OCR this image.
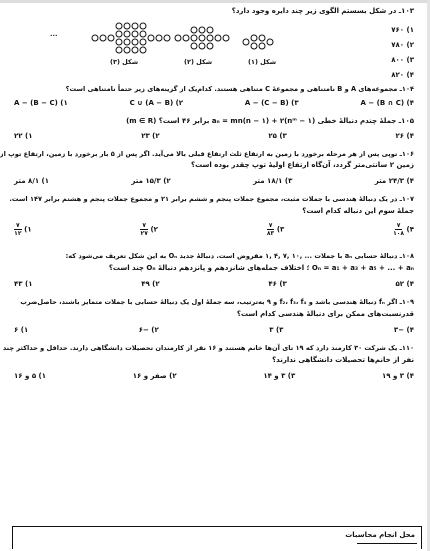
۱۰۳ـ در شکل بسستم الگوی زیر چند دایره وجود دارد؟
...
شکل (۱)
شکل (۲)
شکل (۳)
۱) ۷۶۰
۲) ۷۸۰
۳) ۸۰۰
۴) ۸۲۰
۱۰۴ـ مجموعه‌های A و B نامتناهی و مجموعهٔ C متناهی هستند. کدام‌یک از گزینه‌های زیر حتماً نامتناهی است؟
۱) A − (B − C)	۲) C ∪ (A − B)	۳) A − (C − B)	۴) (B ∩ C) − A
۱۰۵ـ جملهٔ چندم دنبالهٔ خطی aₙ = mn(n − ۱) + ۲(nᵐ − ۱) برابر ۴۶ است؟ (m ∈ R)
۱) ۲۲	۲) ۲۳	۳) ۲۵	۴) ۲۶
۱۰۶ـ توپی پس از هر مرحله برخورد با زمین به ارتفاع ثلث ارتفاع قبلی بالا می‌آید. اگر پس از ۵ بار برخورد با زمین، ارتفاع توپ از
زمین ۲ سانتی‌متر گردد، آن‌گاه ارتفاع اولیهٔ توپ چقدر بوده است؟
۱) ۸/۱ متر	۲) ۱۵/۳ متر	۳) ۱۸/۱ متر	۴) ۲۴/۳ متر
۱۰۷ـ در یک دنبالهٔ هندسی با جملات مثبت، مجموع جملات پنجم و ششم برابر ۲۱ و مجموع جملات پنجم و هشتم برابر ۱۴۷ است.
جملهٔ سوم این دنباله کدام است؟
۱)
$\frac{۷}{۱۲}$	۲)
$\frac{۷}{۲۷}$	۳)
$\frac{۷}{۸۳}$	۴)
$\frac{۷}{۱۰۸}$
۱۰۸ـ دنبالهٔ حسابی aₙ با جملات ... ,۱۰ ,۷ ,۴ ,۱ مفروض است. دنبالهٔ جدید Oₙ به این شکل تعریف می‌شود که:
Oₙ = a₁ + a₃ + a₅ + ... + aₙ ؛ اختلاف جمله‌های شانزدهم و پانزدهم دنبالهٔ Oₙ چند است؟
۱) ۴۳	۲) ۴۹	۳) ۴۶	۴) ۵۲
۱۰۹ـ اگر fₙ دنبالهٔ هندسی باشد و f₂، f₃، f₄ و ۹ به‌ترتیب، سه جملهٔ اول یک دنبالهٔ حسابی با جملات متمایز باشند، حاصل‌ضرب
قدرنسبت‌های ممکن برای دنبالهٔ هندسی کدام است؟
۱) ۶	۲) −۶	۳) ۳	۴) −۳
۱۱۰ـ یک شرکت ۳۰ کارمند دارد که ۱۹ تای آن‌ها خانم هستند و ۱۶ نفر از کارمندان تحصیلات دانشگاهی دارند. حداقل و حداکثر چند
نفر از خانم‌ها تحصیلات دانشگاهی ندارند؟
۱) ۵ و ۱۶	۲) صفر و ۱۶	۳) ۳ و ۱۴	۴) ۳ و ۱۹
محل انجام محاسبات
